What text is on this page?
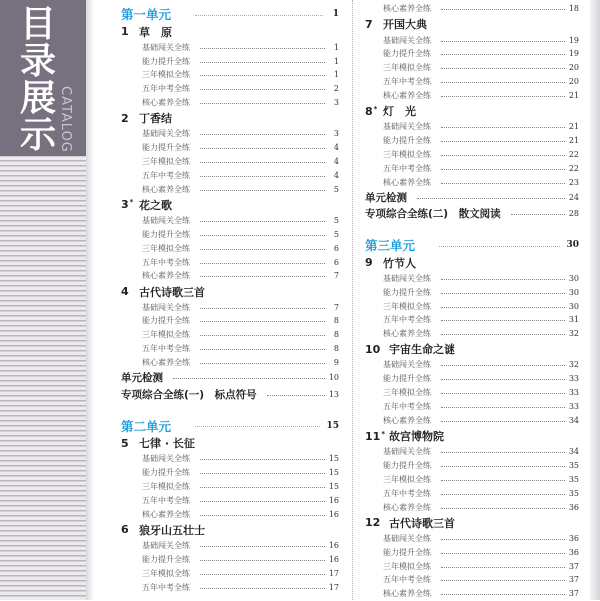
目
录
展
示 CATALOG
第一单元	1
1 草　原
基础闯关全练	1
能力提升全练	1
三年模拟全练	1
五年中考全练	2
核心素养全练	3
2 丁香结
基础闯关全练	3
能力提升全练	4
三年模拟全练	4
五年中考全练	4
核心素养全练	5
3* 花之歌
基础闯关全练	5
能力提升全练	5
三年模拟全练	6
五年中考全练	6
核心素养全练	7
4 古代诗歌三首
基础闯关全练	7
能力提升全练	8
三年模拟全练	8
五年中考全练	8
核心素养全练	9
单元检测	10
专项综合全练(一)　标点符号	13
第二单元	15
5 七律 · 长征
基础闯关全练	15
能力提升全练	15
三年模拟全练	15
五年中考全练	16
核心素养全练	16
6 狼牙山五壮士
基础闯关全练	16
能力提升全练	16
三年模拟全练	17
五年中考全练	17
核心素养全练	18
7 开国大典
基础闯关全练	19
能力提升全练	19
三年模拟全练	20
五年中考全练	20
核心素养全练	21
8* 灯　光
基础闯关全练	21
能力提升全练	21
三年模拟全练	22
五年中考全练	22
核心素养全练	23
单元检测	24
专项综合全练(二)　散文阅读	28
第三单元	30
9 竹节人
基础闯关全练	30
能力提升全练	30
三年模拟全练	30
五年中考全练	31
核心素养全练	32
10 宇宙生命之谜
基础闯关全练	32
能力提升全练	33
三年模拟全练	33
五年中考全练	33
核心素养全练	34
11* 故宫博物院
基础闯关全练	34
能力提升全练	35
三年模拟全练	35
五年中考全练	35
核心素养全练	36
12 古代诗歌三首
基础闯关全练	36
能力提升全练	36
三年模拟全练	37
五年中考全练	37
核心素养全练	37
